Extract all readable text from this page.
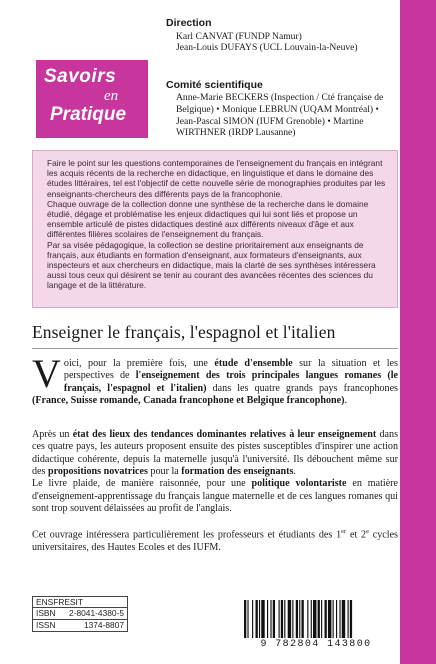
Savoirs
en
Pratique
Direction
Karl CANVAT (FUNDP Namur)
Jean-Louis DUFAYS (UCL Louvain-la-Neuve)
Comité scientifique
Anne-Marie BECKERS (Inspection / Cté française de
Belgique) • Monique LEBRUN (UQAM Montréal) •
Jean-Pascal SIMON (IUFM Grenoble) • Martine
WIRTHNER (IRDP Lausanne)

Faire le point sur les questions contemporaines de l'enseignement du français en intégrant les acquis récents de la recherche en didactique, en linguistique et dans le domaine des études littéraires, tel est l'objectif de cette nouvelle série de monographies produites par les enseignants-chercheurs des différents pays de la francophonie.

Chaque ouvrage de la collection donne une synthèse de la recherche dans le domaine étudié, dégage et problématise les enjeux didactiques qui lui sont liés et propose un ensemble articulé de pistes didactiques destiné aux différents niveaux d'âge et aux différentes filières scolaires de l'enseignement du français.

Par sa visée pédagogique, la collection se destine prioritairement aux enseignants de français, aux étudiants en formation d'enseignant, aux formateurs d'enseignants, aux inspecteurs et aux chercheurs en didactique, mais la clarté de ses synthèses intéressera aussi tous ceux qui désirent se tenir au courant des avancées récentes des sciences du langage et de la littérature.

Enseigner le français, l'espagnol et l'italien

Voici, pour la première fois, une étude d'ensemble sur la situation et les perspectives de l'enseignement des trois principales langues romanes (le français, l'espagnol et l'italien) dans les quatre grands pays francophones (France, Suisse romande, Canada francophone et Belgique francophone).

Après un état des lieux des tendances dominantes relatives à leur enseignement dans ces quatre pays, les auteurs proposent ensuite des pistes susceptibles d'inspirer une action didactique cohérente, depuis la maternelle jusqu'à l'université. Ils débouchent même sur des propositions novatrices pour la formation des enseignants.
Le livre plaide, de manière raisonnée, pour une politique volontariste en matière d'enseignement-apprentissage du français langue maternelle et de ces langues romanes qui sont trop souvent délaissées au profit de l'anglais.

Cet ouvrage intéressera particulièrement les professeurs et étudiants des 1er et 2e cycles universitaires, des Hautes Ecoles et des IUFM.

ENSFRESIT
ISBN 2-8041-4380-5
ISSN	1374-8807
9 782804 143800
